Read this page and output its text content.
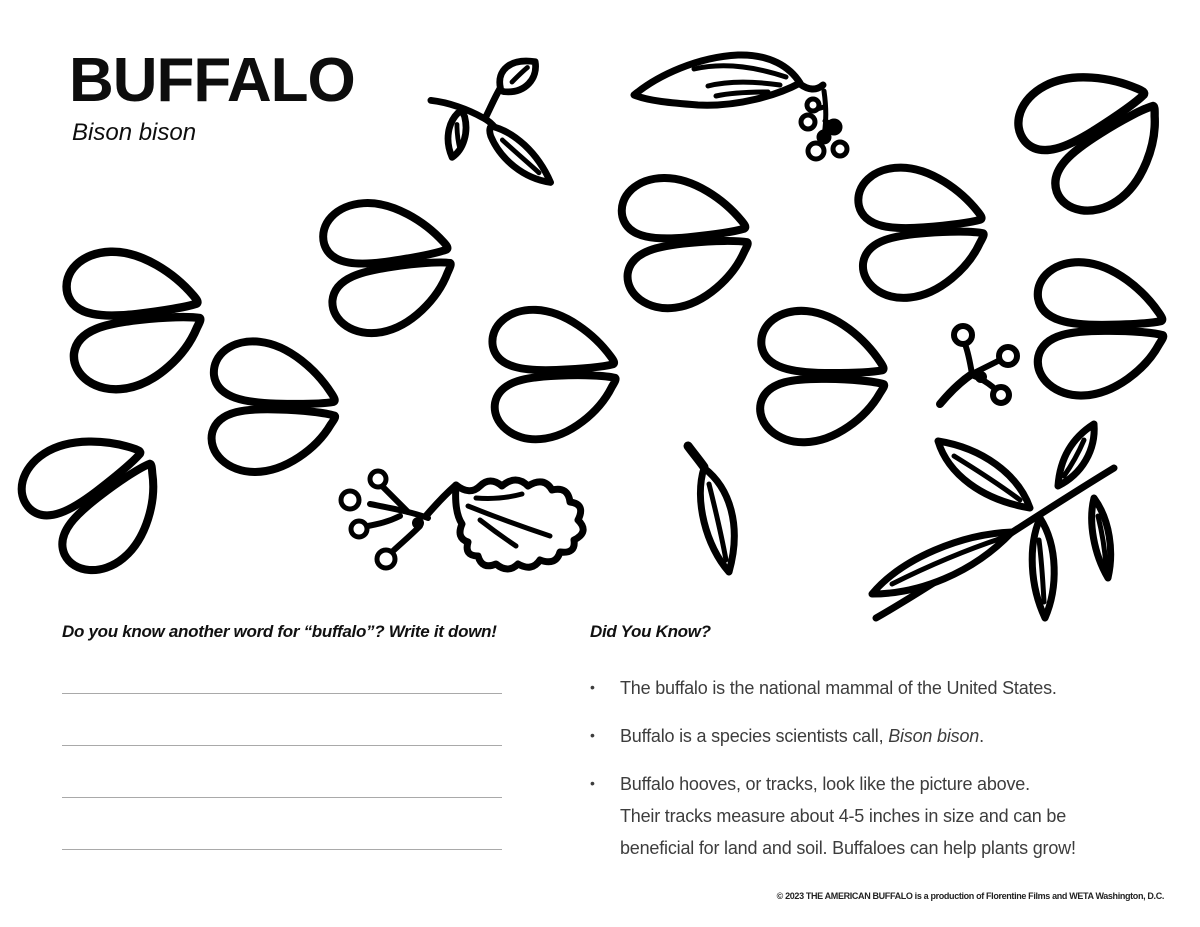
BUFFALO
Bison bison
Do you know another word for “buffalo”? Write it down!	Did You Know?
•	The buffalo is the national mammal of the United States.
•	Buffalo is a species scientists call, Bison bison.
•	Buffalo hooves, or tracks, look like the picture above.
Their tracks measure about 4-5 inches in size and can be
beneficial for land and soil. Buffaloes can help plants grow!
© 2023 THE AMERICAN BUFFALO is a production of Florentine Films and WETA Washington, D.C.
